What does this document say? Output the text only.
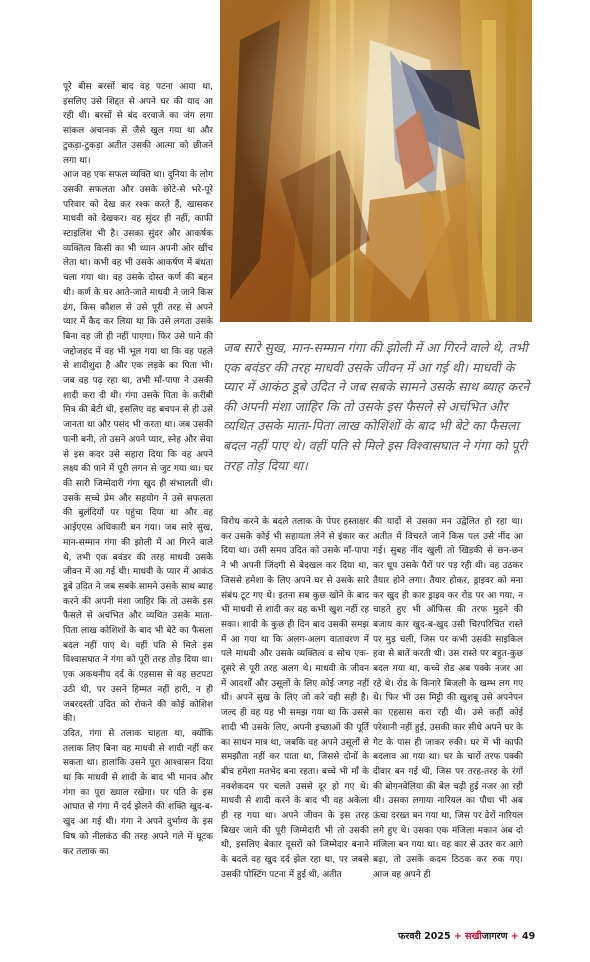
जब सारे सुख, मान-सम्मान गंगा की झोली में आ गिरने वाले थे, तभी एक बवंडर की तरह माधवी उसके जीवन में आ गई थी। माधवी के प्यार में आकंठ डूबे उदित ने जब सबके सामने उसके साथ ब्याह करने की अपनी मंशा जाहिर कि तो उसके इस फैसले से अचंभित और व्यथित उसके माता-पिता लाख कोशिशों के बाद भी बेटे का फैसला बदल नहीं पाए थे। वहीं पति से मिले इस विश्वासघात ने गंगा को पूरी तरह तोड़ दिया था।

पूरे बीस बरसों बाद वह पटना आया था, इसलिए उसे शिद्दत से अपने घर की याद आ रही थी। बरसों से बंद दरवाजे का जंग लगा सांकल अचानक से जैसे खुल गया था और टुकड़ा-टुकड़ा अतीत उसकी आत्मा को छीजने लगा था।

आज वह एक सफल व्यक्ति था। दुनिया के लोग उसकी सफलता और उसके छोटे-से भरे-पूरे परिवार को देख कर रश्क करते हैं, खासकर माधवी को देखकर। वह सुंदर ही नहीं, काफी स्टाइलिश भी है। उसका सुंदर और आकर्षक व्यक्तित्व किसी का भी ध्यान अपनी ओर खींच लेता था। कभी वह भी उसके आकर्षण में बंधता चला गया था। वह उसके दोस्त कर्ण की बहन थी। कर्ण के घर आते-जाते माधवी ने जाने किस ढंग, किस कौशल से उसे पूरी तरह से अपने प्यार में कैद कर लिया था कि उसे लगता उसके बिना वह जी ही नहीं पाएगा। फिर उसे पाने की जद्दोजहद में वह भी भूल गया था कि वह पहले से शादीशुदा है और एक लड़के का पिता भी। जब वह पढ़ रहा था, तभी माँ-पापा ने उसकी शादी करा दी थी। गंगा उसके पिता के करीबी मित्र की बेटी थी, इसलिए वह बचपन से ही उसे जानता था और पसंद भी करता था। जब उसकी पत्नी बनी, तो उसने अपने प्यार, स्नेह और सेवा से इस कदर उसे सहारा दिया कि वह अपने लक्ष्य की पाने में पूरी लगन से जुट गया था। घर की सारी जिम्मेदारी गंगा खुद ही संभालती थी। उसके सच्चे प्रेम और सहयोग ने उसे सफलता की बुलंदियों पर पहुंचा दिया था और वह आईएएस अधिकारी बन गया। जब सारे सुख, मान-सम्मान गंगा की झोली में आ गिरने वाले थे, तभी एक बवंडर की तरह माधवी उसके जीवन में आ गई थी। माधवी के प्यार में आकंठ डूबे उदित ने जब सबके सामने उसके साथ ब्याह करने की अपनी मंशा जाहिर कि तो उसके इस फैसले से अचंभित और व्यथित उसके माता-पिता लाख कोशिशों के बाद भी बेटे का फैसला बदल नहीं पाए थे। वहीं पति से मिले इस विश्वासघात ने गंगा को पूरी तरह तोड़ दिया था। एक अकथनीय दर्द के एहसास से वह छटपटा उठी थी, पर उसने हिम्मत नहीं हारी, न ही जबरदस्ती उदित को रोकने की कोई कोशिश की।

उदित, गंगा से तलाक चाहता था, क्योंकि तलाक लिए बिना वह माधवी से शादी नहीं कर सकता था। हालांकि उसने पूरा आश्वासन दिया था कि माधवी से शादी के बाद भी मानव और गंगा का पूरा ख्याल रखेगा। पर पति के इस आघात से गंगा में दर्द झेलने की शक्ति खुद-ब-खुद आ गई थी। गंगा ने अपने दुर्भाग्य के इस विष को नीलकंठ की तरह अपने गले में घूटक कर तलाक का

विरोध करने के बदले तलाक के पेपर हस्ताक्षर कर उसके कोई भी सहायता लेने से इंकार कर दिया था। उसी समय उदित को उसके माँ-पापा ने भी अपनी जिंदगी से बेदखल कर दिया था, जिससे हमेशा के लिए अपने घर से उसके सारे संबंध टूट गए थे। इतना सब कुछ खोने के बाद भी माधवी से शादी कर वह कभी खुश नहीं रह सका। शादी के कुछ ही दिन बाद उसकी समझ में आ गया था कि अलग-अलग वातावरण में पले माधवी और उसके व्यक्तित्व व सोच एक-दूसरे से पूरी तरह अलग थे। माधवी के जीवन में आदर्शों और उसूलों के लिए कोई जगह नहीं थी। अपने सुख के लिए जो करे वही सही है। जल्द ही वह यह भी समझ गया था कि उससे शादी भी उसके लिए, अपनी इच्छाओं की पूर्ति का साधन मात्र था, जबकि वह अपने उसूलों से समझौता नहीं कर पाता था, जिससे दोनों के बीच हमेशा मतभेद बना रहता। बच्चे भी माँ के नक्शेकदम पर चलते उससे दूर हो गए थे। माधवी से शादी करने के बाद भी वह अकेला ही रह गया था। अपने जीवन के इस तरह बिखर जाने की पूरी जिम्मेदारी भी तो उसकी थी, इसलिए बेकार दूसरों को जिम्मेदार बनाने के बदले वह खुद दर्द झेल रहा था, पर जबसे उसकी पोस्टिंग पटना में हुई थी, अतीत

की यादों से उसका मन उद्वेलित हो रहा था। अतीत में विचरते जाने किस पल उसे नींद आ गई। सुबह नींद खुली तो खिड़की से छन-छन कर धूप उसके पैरों पर पड़ रही थी। वह उठकर तैयार होने लगा। तैयार होकर, ड्राइवर को मना कर खुद ही कार ड्राइव कर रोड पर आ गया, न चाहते हुए भी ऑफिस की तरफ मुड़ने की बजाय कार खुद-ब-खुद उसी चिरपरिचित रास्ते पर मुड़ चली, जिस पर कभी उसकी साइकिल हवा से बातें करती थी। उस रास्ते पर बहुत-कुछ बदल गया था, कच्चे रोड अब पक्के नजर आ रहे थे। रोड के किनारे बिजली के खम्भ लग गए थे। फिर भी उस मिट्टी की खुशबू उसे अपनेपन का एहसास करा रही थी। उसे कहीं कोई परेशानी नहीं हुई, उसकी कार सीधे अपने घर के गेट के पास ही जाकर रुकी। घर में भी काफी बदलाव आ गया था। घर के चारों तरफ पक्की दीवार बन गई थी, जिस पर तरह-तरह के रंगों की बोगनवेलिया की बेल चढ़ी हुई नजर आ रही थी। उसका लगाया नारियल का पौधा भी अब ऊंचा दरख्त बन गया था, जिस पर ढेरों नारियल लगे हुए थे। उसका एक मंजिला मकान अब दो मंजिला बन गया था। वह कार से उतर कर आगे बढ़ा, तो उसके कदम ठिठक कर रुक गए। आज वह अपने ही

फरवरी 2025 + सखीजागरण + 49
